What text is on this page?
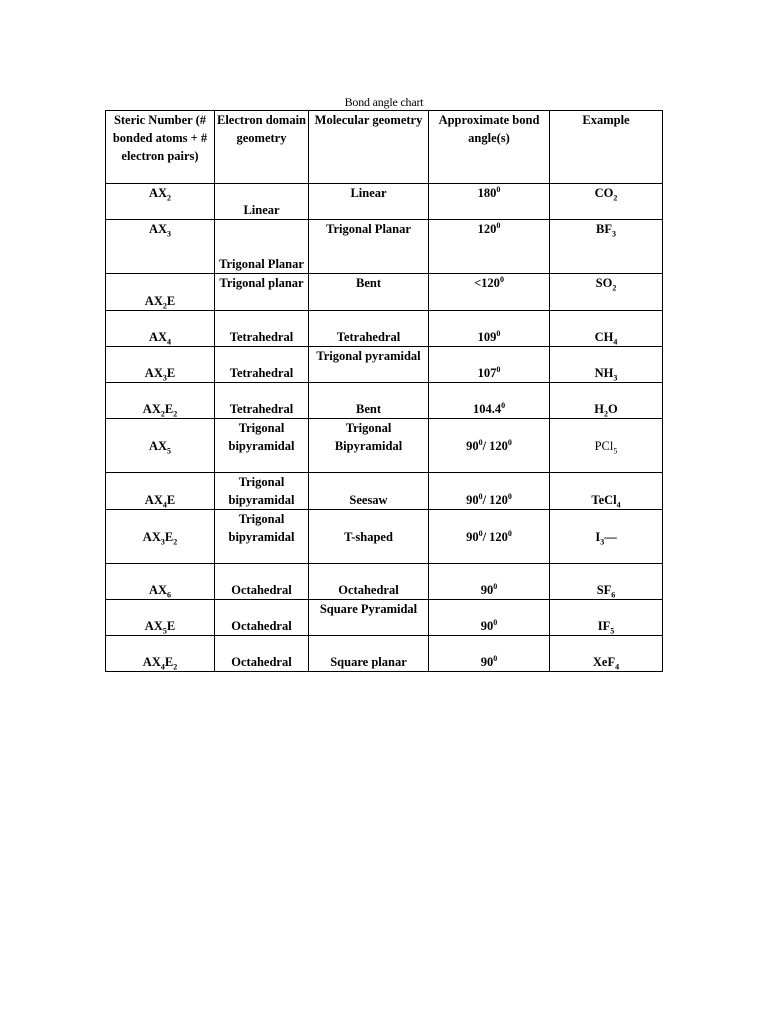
Bond angle chart
Steric Number (# bonded atoms + # electron pairs)	Electron domain geometry	Molecular geometry	Approximate bond angle(s)	Example
$AX_2$	Linear	Linear	$180^0$	$CO_2$
$AX_3$	Trigonal Planar	Trigonal Planar	$120^0$	$BF_3$
$AX_2E$	Trigonal planar	Bent	$<120^0$	$SO_2$
$AX_4$	Tetrahedral	Tetrahedral	$109^0$	$CH_4$
$AX_3E$	Tetrahedral	Trigonal pyramidal	$107^0$	$NH_3$
$AX_2E_2$	Tetrahedral	Bent	104.4$^0$	$H_2O$
$AX_5$	Trigonal bipyramidal	Trigonal Bipyramidal	$90^0/$ $120^0$	PCl$_5$
$AX_4E$	Trigonal bipyramidal	Seesaw	$90^0/$ $120^0$	TeCl$_4$
$AX_3E_2$	Trigonal bipyramidal	T-shaped	$90^0/$ $120^0$	$I_3—$
$AX_6$	Octahedral	Octahedral	$90^0$	$SF_6$
$AX_5E$	Octahedral	Square Pyramidal	$90^0$	$IF_5$
$AX_4E_2$	Octahedral	Square planar	$90^0$	XeF$_4$
